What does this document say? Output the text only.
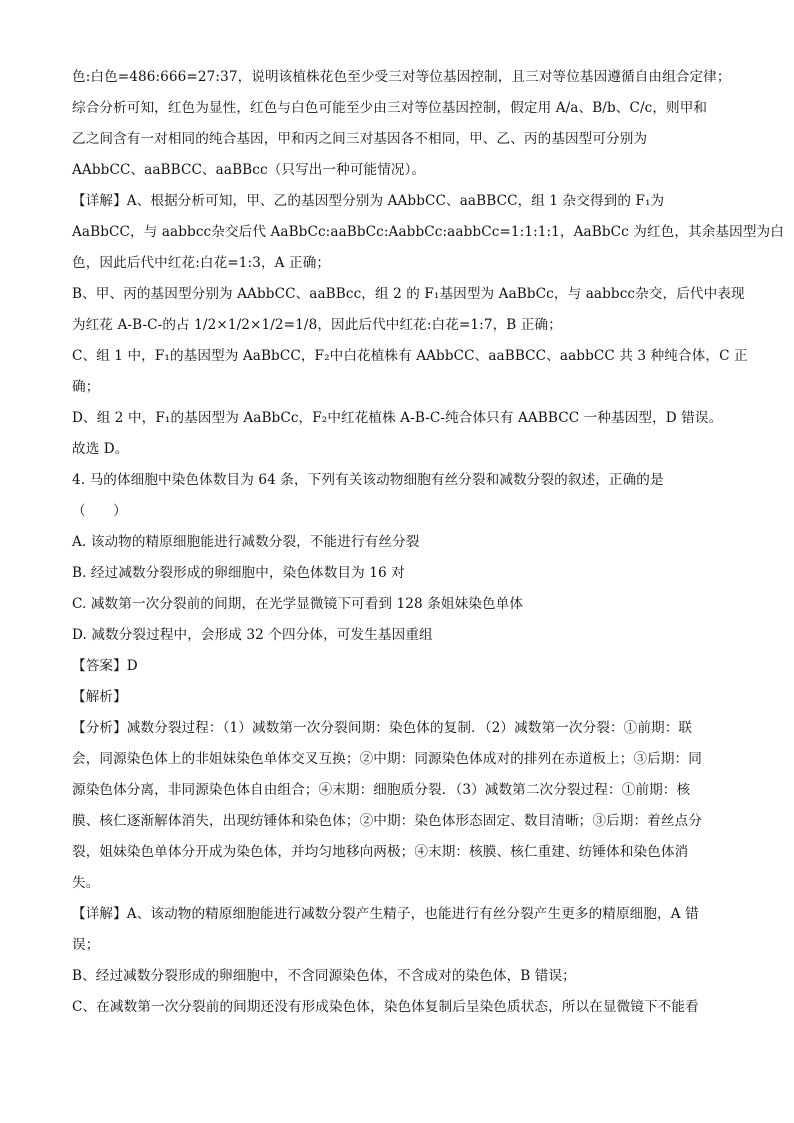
色:白色=486:666=27:37，说明该植株花色至少受三对等位基因控制，且三对等位基因遵循自由组合定律；
综合分析可知，红色为显性，红色与白色可能至少由三对等位基因控制，假定用 A/a、B/b、C/c，则甲和
乙之间含有一对相同的纯合基因，甲和丙之间三对基因各不相同，甲、乙、丙的基因型可分别为
AAbbCC、aaBBCC、aaBBcc（只写出一种可能情况）。
【详解】A、根据分析可知，甲、乙的基因型分别为 AAbbCC、aaBBCC，组 1 杂交得到的 F₁为
AaBbCC，与 aabbcc杂交后代 AaBbCc:aaBbCc:AabbCc:aabbCc=1:1:1:1，AaBbCc 为红色，其余基因型为白
色，因此后代中红花:白花=1:3，A 正确；
B、甲、丙的基因型分别为 AAbbCC、aaBBcc，组 2 的 F₁基因型为 AaBbCc，与 aabbcc杂交，后代中表现
为红花 A-B-C-的占 1/2×1/2×1/2=1/8，因此后代中红花:白花=1:7，B 正确；
C、组 1 中，F₁的基因型为 AaBbCC，F₂中白花植株有 AAbbCC、aaBBCC、aabbCC 共 3 种纯合体，C 正
确；
D、组 2 中，F₁的基因型为 AaBbCc，F₂中红花植株 A-B-C-纯合体只有 AABBCC 一种基因型，D 错误。
故选 D。
4. 马的体细胞中染色体数目为 64 条，下列有关该动物细胞有丝分裂和减数分裂的叙述，正确的是
（　　）
A. 该动物的精原细胞能进行减数分裂，不能进行有丝分裂
B. 经过减数分裂形成的卵细胞中，染色体数目为 16 对
C. 减数第一次分裂前的间期，在光学显微镜下可看到 128 条姐妹染色单体
D. 减数分裂过程中，会形成 32 个四分体，可发生基因重组
【答案】D
【解析】
【分析】减数分裂过程：（1）减数第一次分裂间期：染色体的复制．（2）减数第一次分裂：①前期：联
会，同源染色体上的非姐妹染色单体交叉互换；②中期：同源染色体成对的排列在赤道板上；③后期：同
源染色体分离，非同源染色体自由组合；④末期：细胞质分裂．（3）减数第二次分裂过程：①前期：核
膜、核仁逐渐解体消失，出现纺锤体和染色体；②中期：染色体形态固定、数目清晰；③后期：着丝点分
裂，姐妹染色单体分开成为染色体，并均匀地移向两极；④末期：核膜、核仁重建、纺锤体和染色体消
失。
【详解】A、该动物的精原细胞能进行减数分裂产生精子，也能进行有丝分裂产生更多的精原细胞，A 错
误；
B、经过减数分裂形成的卵细胞中，不含同源染色体，不含成对的染色体，B 错误；
C、在减数第一次分裂前的间期还没有形成染色体，染色体复制后呈染色质状态，所以在显微镜下不能看
